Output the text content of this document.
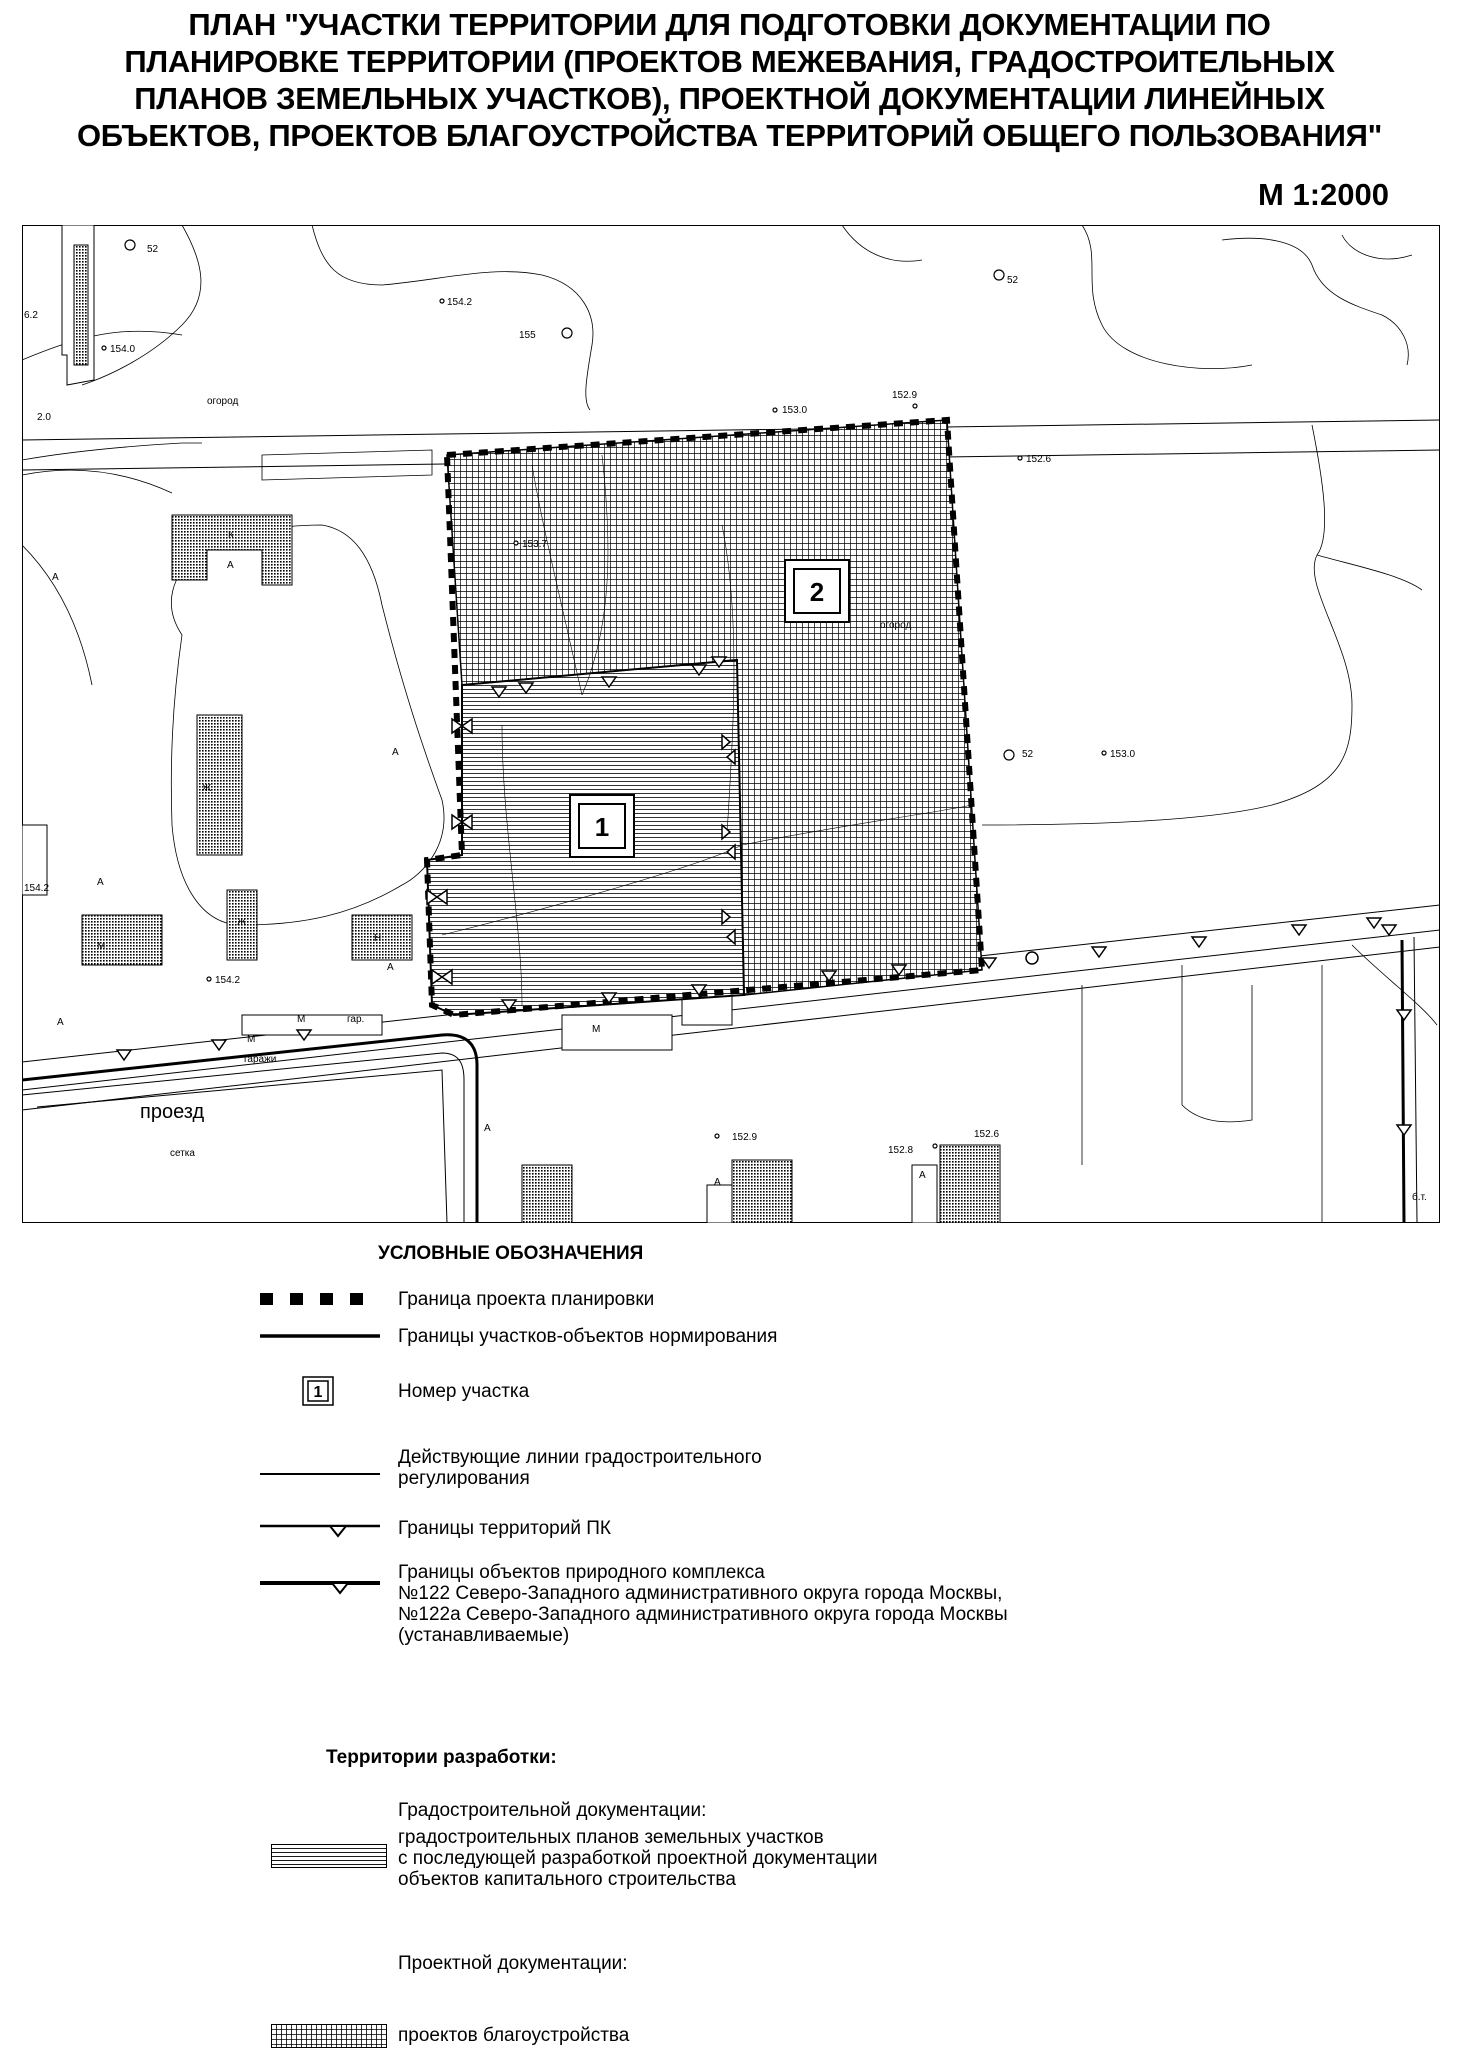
ПЛАН "УЧАСТКИ ТЕРРИТОРИИ ДЛЯ ПОДГОТОВКИ ДОКУМЕНТАЦИИ ПО
ПЛАНИРОВКЕ ТЕРРИТОРИИ (ПРОЕКТОВ МЕЖЕВАНИЯ, ГРАДОСТРОИТЕЛЬНЫХ
ПЛАНОВ ЗЕМЕЛЬНЫХ УЧАСТКОВ), ПРОЕКТНОЙ ДОКУМЕНТАЦИИ ЛИНЕЙНЫХ
ОБЪЕКТОВ, ПРОЕКТОВ БЛАГОУСТРОЙСТВА ТЕРРИТОРИЙ ОБЩЕГО ПОЛЬЗОВАНИЯ"
М 1:2000
2
1
огород
огород
проезд
гаражи
гар.
сетка
б.т.
52
52
52
6.2
154.2
155
154.0
2.0
153.0
152.9
152.6
153.7
153.0
154.2
154.2
152.9
152.8
152.6
К
А
Ж
Ж
М
Н
А
М
М
М
А
А
А
А
А
А
А
УСЛОВНЫЕ ОБОЗНАЧЕНИЯ
Граница проекта планировки
Границы участков-объектов нормирования
1	Номер участка
Действующие линии градостроительного
регулирования
Границы территорий ПК
Границы объектов природного комплекса
№122 Северо-Западного административного округа города Москвы,
№122а Северо-Западного административного округа города Москвы
(устанавливаемые)
Территории разработки:
Градостроительной документации:
градостроительных планов земельных участков
с последующей разработкой проектной документации
объектов капитального строительства
Проектной документации:
проектов благоустройства
